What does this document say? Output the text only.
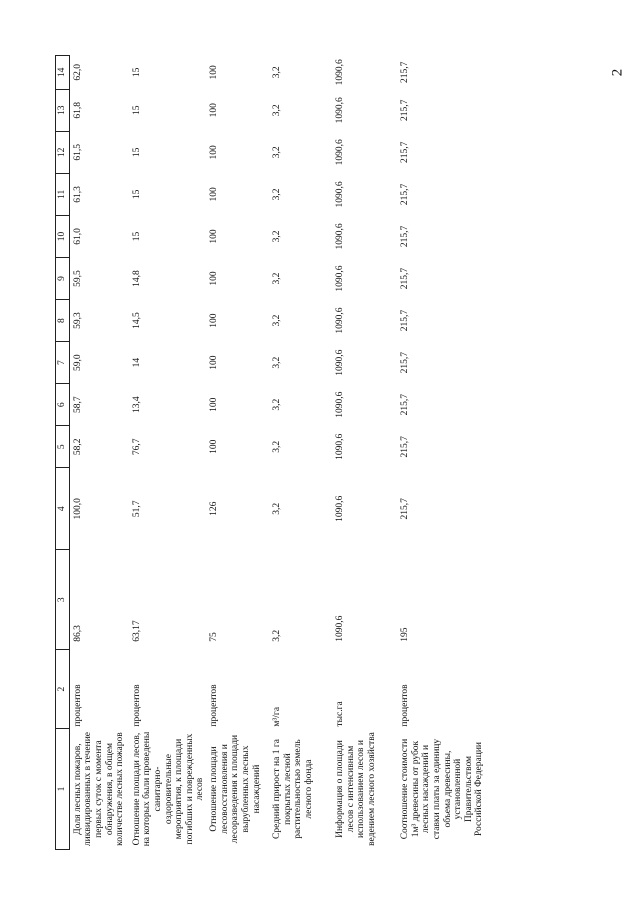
2
1	2	3	4	5	6	7	8	9	10	11	12	13	14
Доля лесных пожаров, ликвидированных в течение первых суток с момента обнаружения, в общем количестве лесных пожаров	процентов	86,3	100,0	58,2	58,7	59,0	59,3	59,5	61,0	61,3	61,5	61,8	62,0
Отношение площади лесов, на которых были проведены санитарно-оздоровительные мероприятия, к площади погибших и поврежденных лесов	процентов	63,17	51,7	76,7	13,4	14	14,5	14,8	15	15	15	15	15
Отношение площади лесовосстановления и лесоразведения к площади вырубленных лесных насаждений	процентов	75	126	100	100	100	100	100	100	100	100	100	100
Средний прирост на 1 га покрытых лесной растительностью земель лесного фонда	м³/га	3,2	3,2	3,2	3,2	3,2	3,2	3,2	3,2	3,2	3,2	3,2	3,2
Информация о площади лесов с интенсивным использованием лесов и ведением лесного хозяйства	тыс.га	1090,6	1090,6	1090,6	1090,6	1090,6	1090,6	1090,6	1090,6	1090,6	1090,6	1090,6	1090,6
Соотношение стоимости 1м³ древесины от рубок лесных насаждений и ставки платы за единицу объема древесины, установленной Правительством Российской Федерации	процентов	195	215,7	215,7	215,7	215,7	215,7	215,7	215,7	215,7	215,7	215,7	215,7
